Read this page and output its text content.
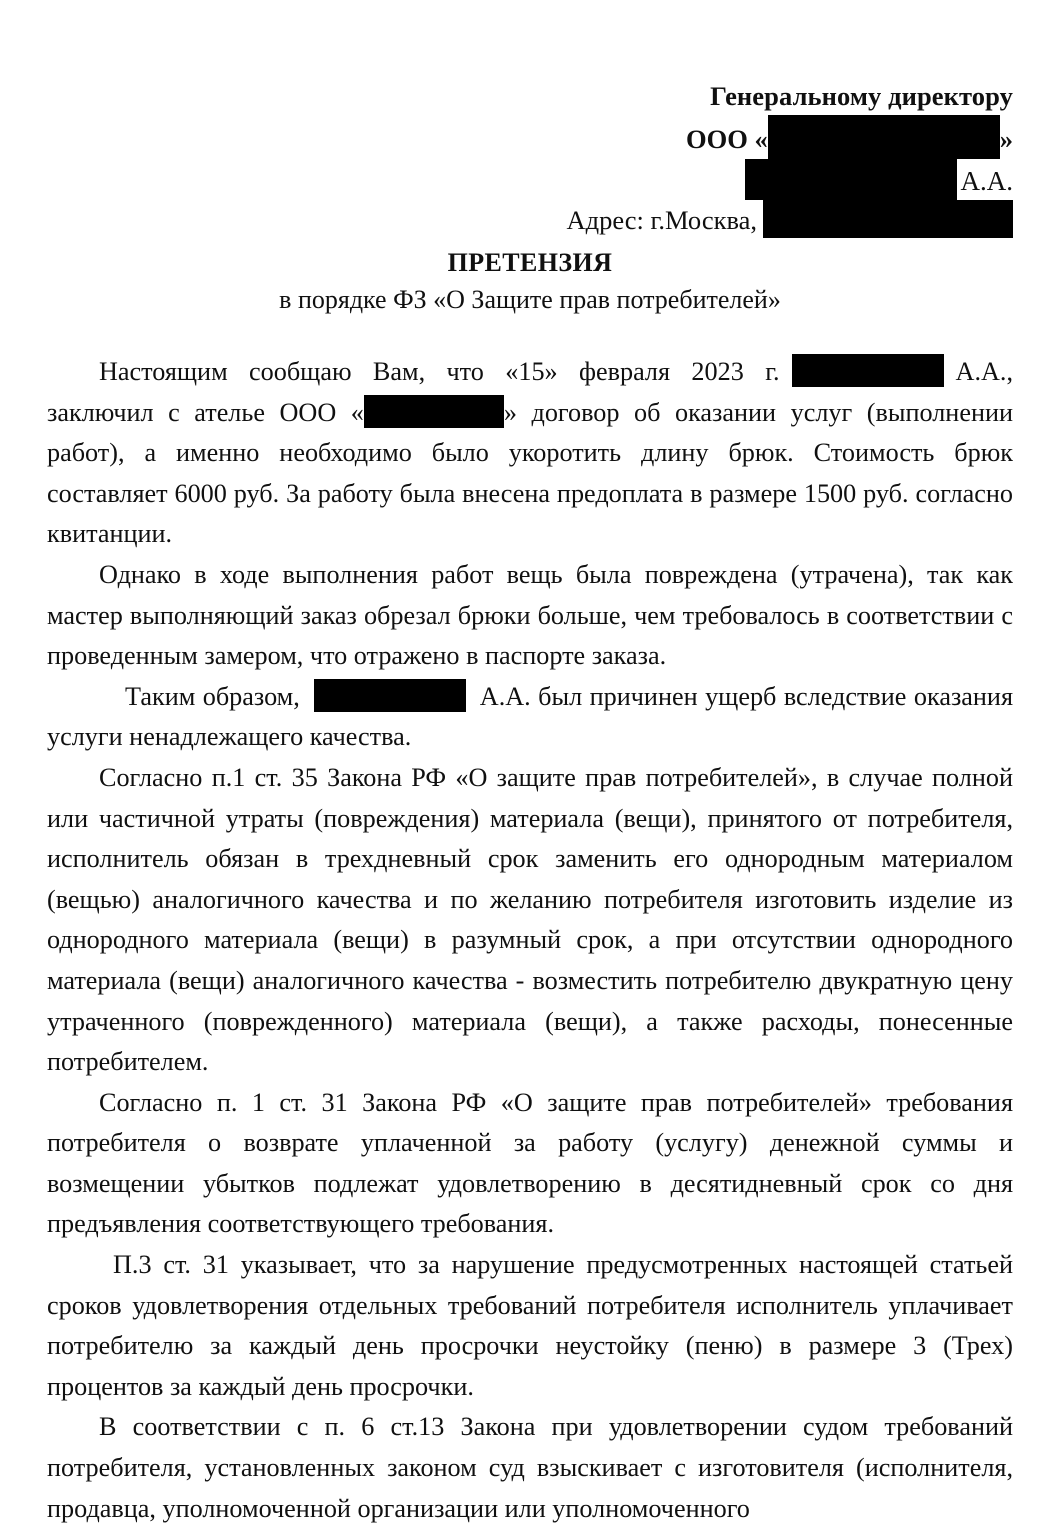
Генеральному директору
ООО «	»
А.А.
Адрес: г.Москва,
ПРЕТЕНЗИЯ
в порядке ФЗ «О Защите прав потребителей»

Настоящим сообщаю Вам, что «15» февраля 2023 г.	А.А., заключил с ателье ООО «	» договор об оказании услуг (выполнении работ), а именно необходимо было укоротить длину брюк. Стоимость брюк составляет 6000 руб. За работу была внесена предоплата в размере 1500 руб. согласно квитанции.

Однако в ходе выполнения работ вещь была повреждена (утрачена), так как мастер выполняющий заказ обрезал брюки больше, чем требовалось в соответствии с проведенным замером, что отражено в паспорте заказа.

Таким образом,	А.А. был причинен ущерб вследствие оказания услуги ненадлежащего качества.

Согласно п.1 ст. 35 Закона РФ «О защите прав потребителей», в случае полной или частичной утраты (повреждения) материала (вещи), принятого от потребителя, исполнитель обязан в трехдневный срок заменить его однородным материалом (вещью) аналогичного качества и по желанию потребителя изготовить изделие из однородного материала (вещи) в разумный срок, а при отсутствии однородного материала (вещи) аналогичного качества - возместить потребителю двукратную цену утраченного (поврежденного) материала (вещи), а также расходы, понесенные потребителем.

Согласно п. 1 ст. 31 Закона РФ «О защите прав потребителей» требования потребителя о возврате уплаченной за работу (услугу) денежной суммы и возмещении убытков подлежат удовлетворению в десятидневный срок со дня предъявления соответствующего требования.

П.3 ст. 31 указывает, что за нарушение предусмотренных настоящей статьей сроков удовлетворения отдельных требований потребителя исполнитель уплачивает потребителю за каждый день просрочки неустойку (пеню) в размере 3 (Трех) процентов за каждый день просрочки.

В соответствии с п. 6 ст.13 Закона при удовлетворении судом требований потребителя, установленных законом суд взыскивает с изготовителя (исполнителя, продавца, уполномоченной организации или уполномоченного
